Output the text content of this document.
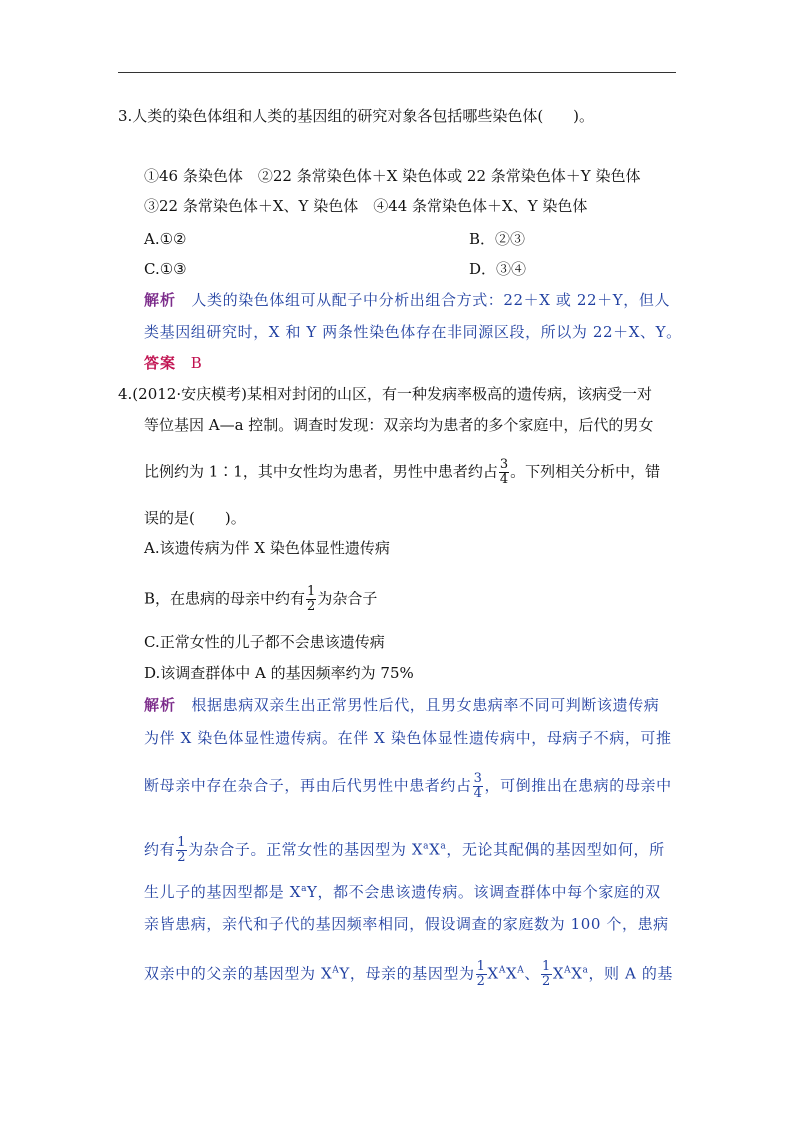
3.人类的染色体组和人类的基因组的研究对象各包括哪些染色体(　　)。
①46 条染色体　②22 条常染色体＋X 染色体或 22 条常染色体＋Y 染色体
③22 条常染色体＋X、Y 染色体　④44 条常染色体＋X、Y 染色体
A.①②	B．②③
C.①③	D．③④
解析 人类的染色体组可从配子中分析出组合方式：22＋X 或 22＋Y，但人
类基因组研究时，X 和 Y 两条性染色体存在非同源区段，所以为 22＋X、Y。
答案 B
4.(2012·安庆模考)某相对封闭的山区，有一种发病率极高的遗传病，该病受一对
等位基因 A—a 控制。调查时发现：双亲均为患者的多个家庭中，后代的男女
比例约为 1∶1，其中女性均为患者，男性中患者约占 $\frac{3}{4}$ 。下列相关分析中，错
误的是(　　)。
A.该遗传病为伴 X 染色体显性遗传病
B，在患病的母亲中约有 $\frac{1}{2}$ 为杂合子
C.正常女性的儿子都不会患该遗传病
D.该调查群体中 A 的基因频率约为 75%
解析 根据患病双亲生出正常男性后代，且男女患病率不同可判断该遗传病
为伴 X 染色体显性遗传病。在伴 X 染色体显性遗传病中，母病子不病，可推
断母亲中存在杂合子，再由后代男性中患者约占 $\frac{3}{4}$ ，可倒推出在患病的母亲中
约有 $\frac{1}{2}$ 为杂合子。正常女性的基因型为 $X^aX^a$，无论其配偶的基因型如何，所
生儿子的基因型都是 $X^aY$，都不会患该遗传病。该调查群体中每个家庭的双
亲皆患病，亲代和子代的基因频率相同，假设调查的家庭数为 100 个，患病
双亲中的父亲的基因型为 $X^AY$，母亲的基因型为 $\frac{1}{2} X^AX^A$、 $\frac{1}{2} X^AX^a$，则 A 的基
